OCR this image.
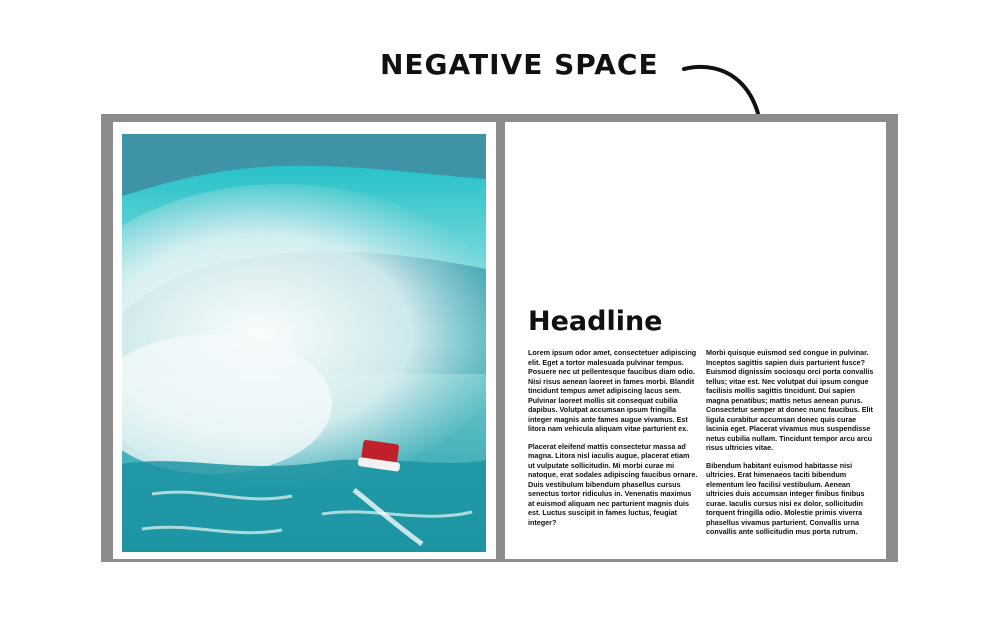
NEGATIVE SPACE
Headline

Lorem ipsum odor amet, consectetuer adipiscing elit. Eget a tortor malesuada pulvinar tempus. Posuere nec ut pellentesque faucibus diam odio. Nisi risus aenean laoreet in fames morbi. Blandit tincidunt tempus amet adipiscing lacus sem. Pulvinar laoreet mollis sit consequat cubilia dapibus. Volutpat accumsan ipsum fringilla integer magnis ante fames augue vivamus. Est litora nam vehicula aliquam vitae parturient ex.

Placerat eleifend mattis consectetur massa ad magna. Litora nisl iaculis augue, placerat etiam ut vulputate sollicitudin. Mi morbi curae mi natoque, erat sodales adipiscing faucibus ornare. Duis vestibulum bibendum phasellus cursus senectus tortor ridiculus in. Venenatis maximus at euismod aliquam nec parturient magnis duis est. Luctus suscipit in fames luctus, feugiat integer?

Morbi quisque euismod sed congue in pulvinar. Inceptos sagittis sapien duis parturient fusce? Euismod dignissim sociosqu orci porta convallis tellus; vitae est. Nec volutpat dui ipsum congue facilisis mollis sagittis tincidunt. Dui sapien magna penatibus; mattis netus aenean purus. Consectetur semper at donec nunc faucibus. Elit ligula curabitur accumsan donec quis curae lacinia eget. Placerat vivamus mus suspendisse netus cubilia nullam. Tincidunt tempor arcu arcu risus ultricies vitae.

Bibendum habitant euismod habitasse nisi ultricies. Erat himenaeos taciti bibendum elementum leo facilisi vestibulum. Aenean ultricies duis accumsan integer finibus finibus curae. Iaculis cursus nisi ex dolor, sollicitudin torquent fringilla odio. Molestie primis viverra phasellus vivamus parturient. Convallis urna convallis ante sollicitudin mus porta rutrum.
